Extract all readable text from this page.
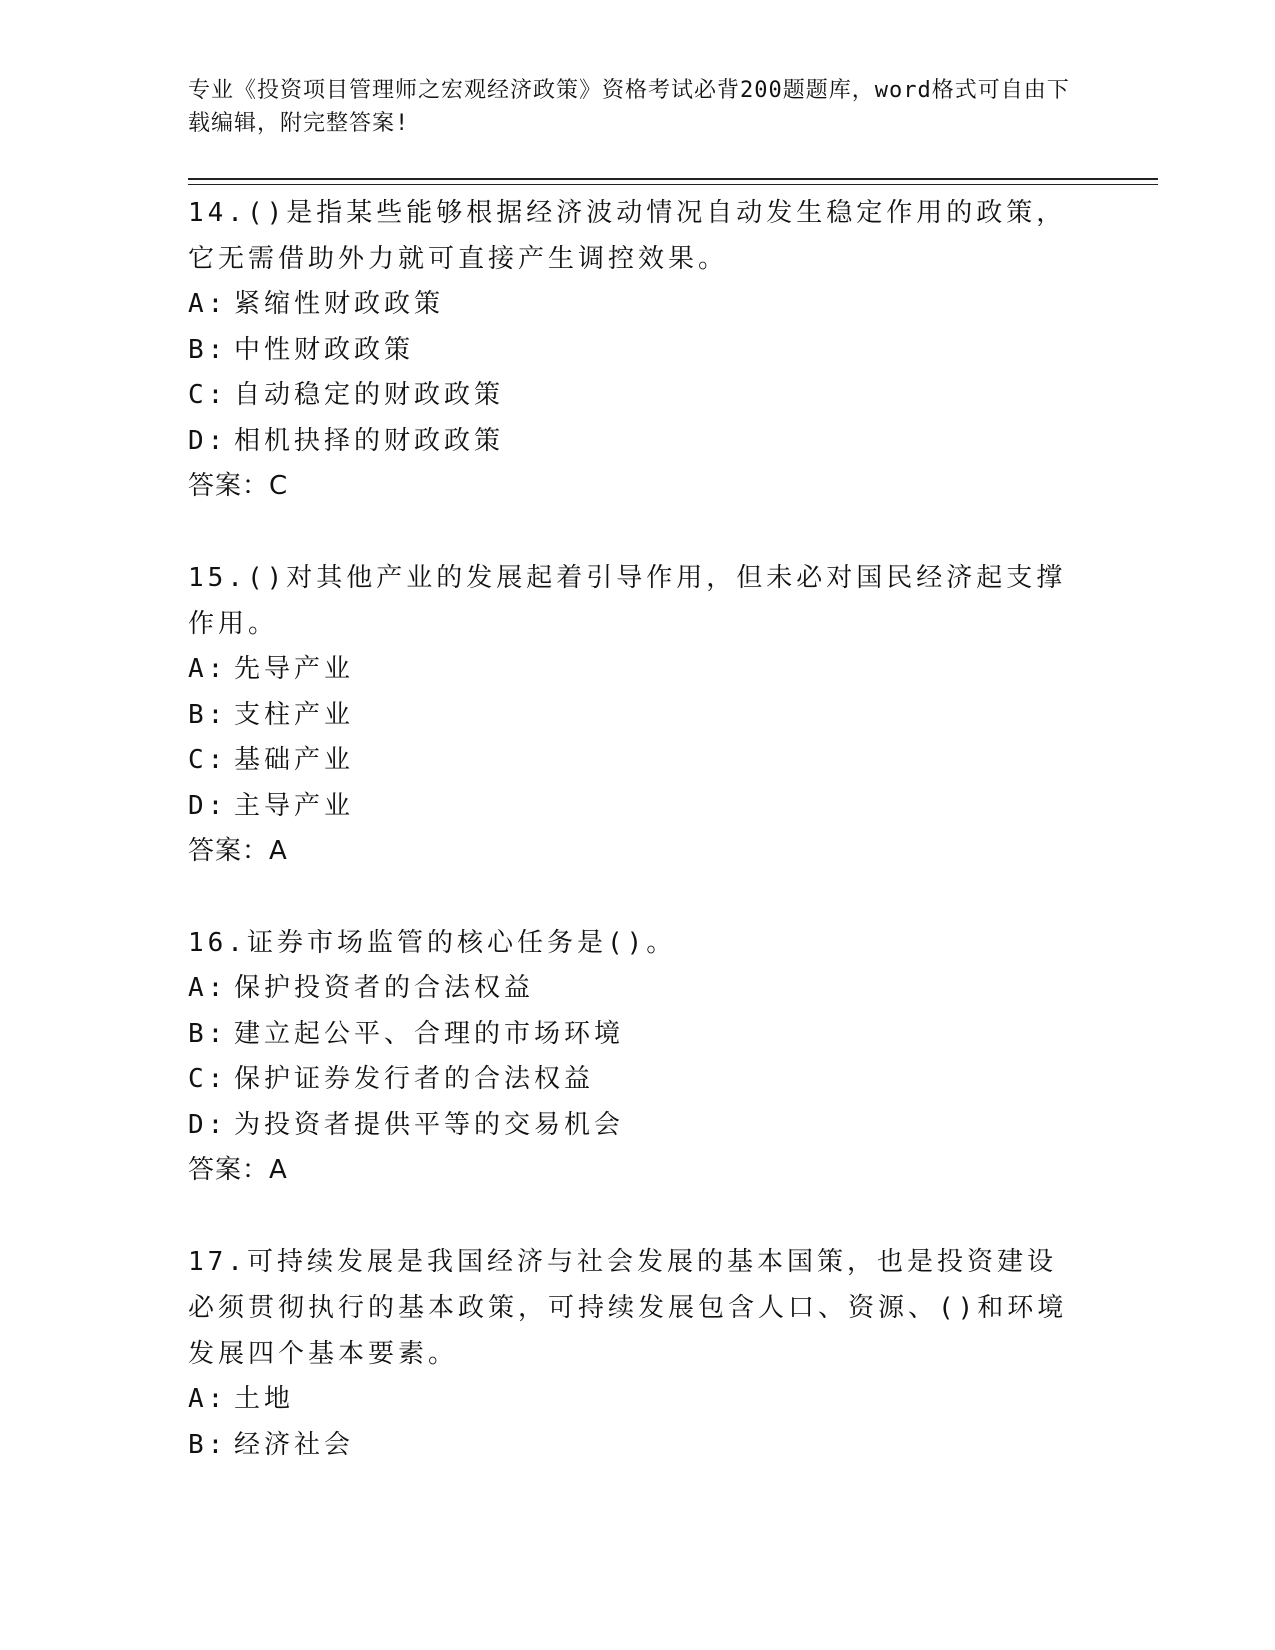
专业《投资项目管理师之宏观经济政策》资格考试必背200题题库，word格式可自由下载编辑，附完整答案!

14.()是指某些能够根据经济波动情况自动发生稳定作用的政策，它无需借助外力就可直接产生调控效果。

A: 紧缩性财政政策

B: 中性财政政策

C: 自动稳定的财政政策

D: 相机抉择的财政政策

答案：C

15.()对其他产业的发展起着引导作用，但未必对国民经济起支撑作用。

A: 先导产业

B: 支柱产业

C: 基础产业

D: 主导产业

答案：A

16.证券市场监管的核心任务是()。

A: 保护投资者的合法权益

B: 建立起公平、合理的市场环境

C: 保护证券发行者的合法权益

D: 为投资者提供平等的交易机会

答案：A

17.可持续发展是我国经济与社会发展的基本国策，也是投资建设必须贯彻执行的基本政策，可持续发展包含人口、资源、()和环境发展四个基本要素。

A: 土地

B: 经济社会
